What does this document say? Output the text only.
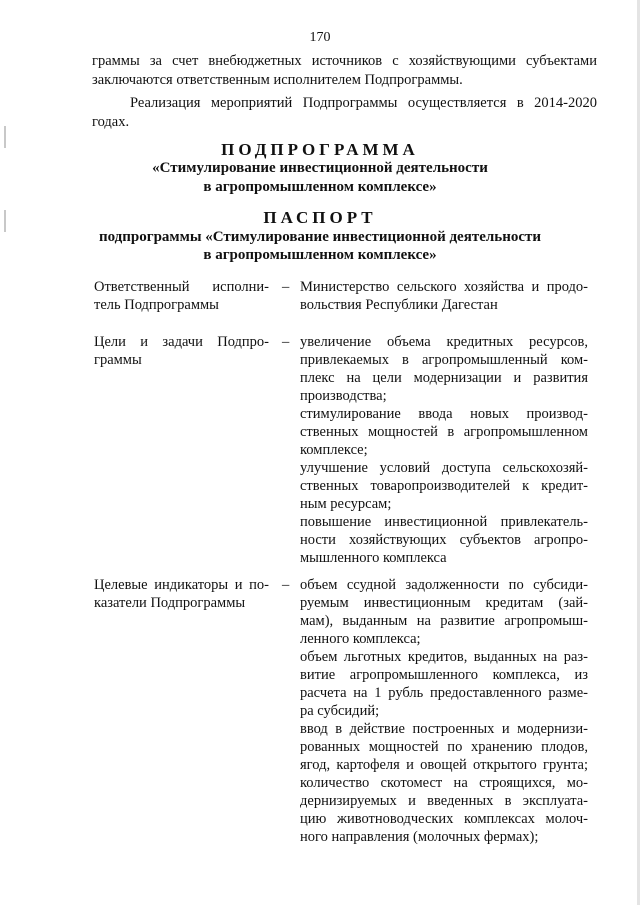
170
граммы за счет внебюджетных источников с хозяйствующими субъектами
заключаются ответственным исполнителем Подпрограммы.
Реализация мероприятий Подпрограммы осуществляется в 2014-2020
годах.
ПОДПРОГРАММА
«Стимулирование инвестиционной деятельности
в агропромышленном комплексе»
ПАСПОРТ
подпрограммы «Стимулирование инвестиционной деятельности
в агропромышленном комплексе»
Ответственный исполни-
тель Подпрограммы
– Министерство сельского хозяйства и продо-
вольствия Республики Дагестан
Цели и задачи Подпро-
граммы
– увеличение объема кредитных ресурсов,
привлекаемых в агропромышленный ком-
плекс на цели модернизации и развития
производства;
стимулирование ввода новых производ-
ственных мощностей в агропромышленном
комплексе;
улучшение условий доступа сельскохозяй-
ственных товаропроизводителей к кредит-
ным ресурсам;
повышение инвестиционной привлекатель-
ности хозяйствующих субъектов агропро-
мышленного комплекса
Целевые индикаторы и по-
казатели Подпрограммы
– объем ссудной задолженности по субсиди-
руемым инвестиционным кредитам (зай-
мам), выданным на развитие агропромыш-
ленного комплекса;
объем льготных кредитов, выданных на раз-
витие агропромышленного комплекса, из
расчета на 1 рубль предоставленного разме-
ра субсидий;
ввод в действие построенных и модернизи-
рованных мощностей по хранению плодов,
ягод, картофеля и овощей открытого грунта;
количество скотомест на строящихся, мо-
дернизируемых и введенных в эксплуата-
цию животноводческих комплексах молоч-
ного направления (молочных фермах);
